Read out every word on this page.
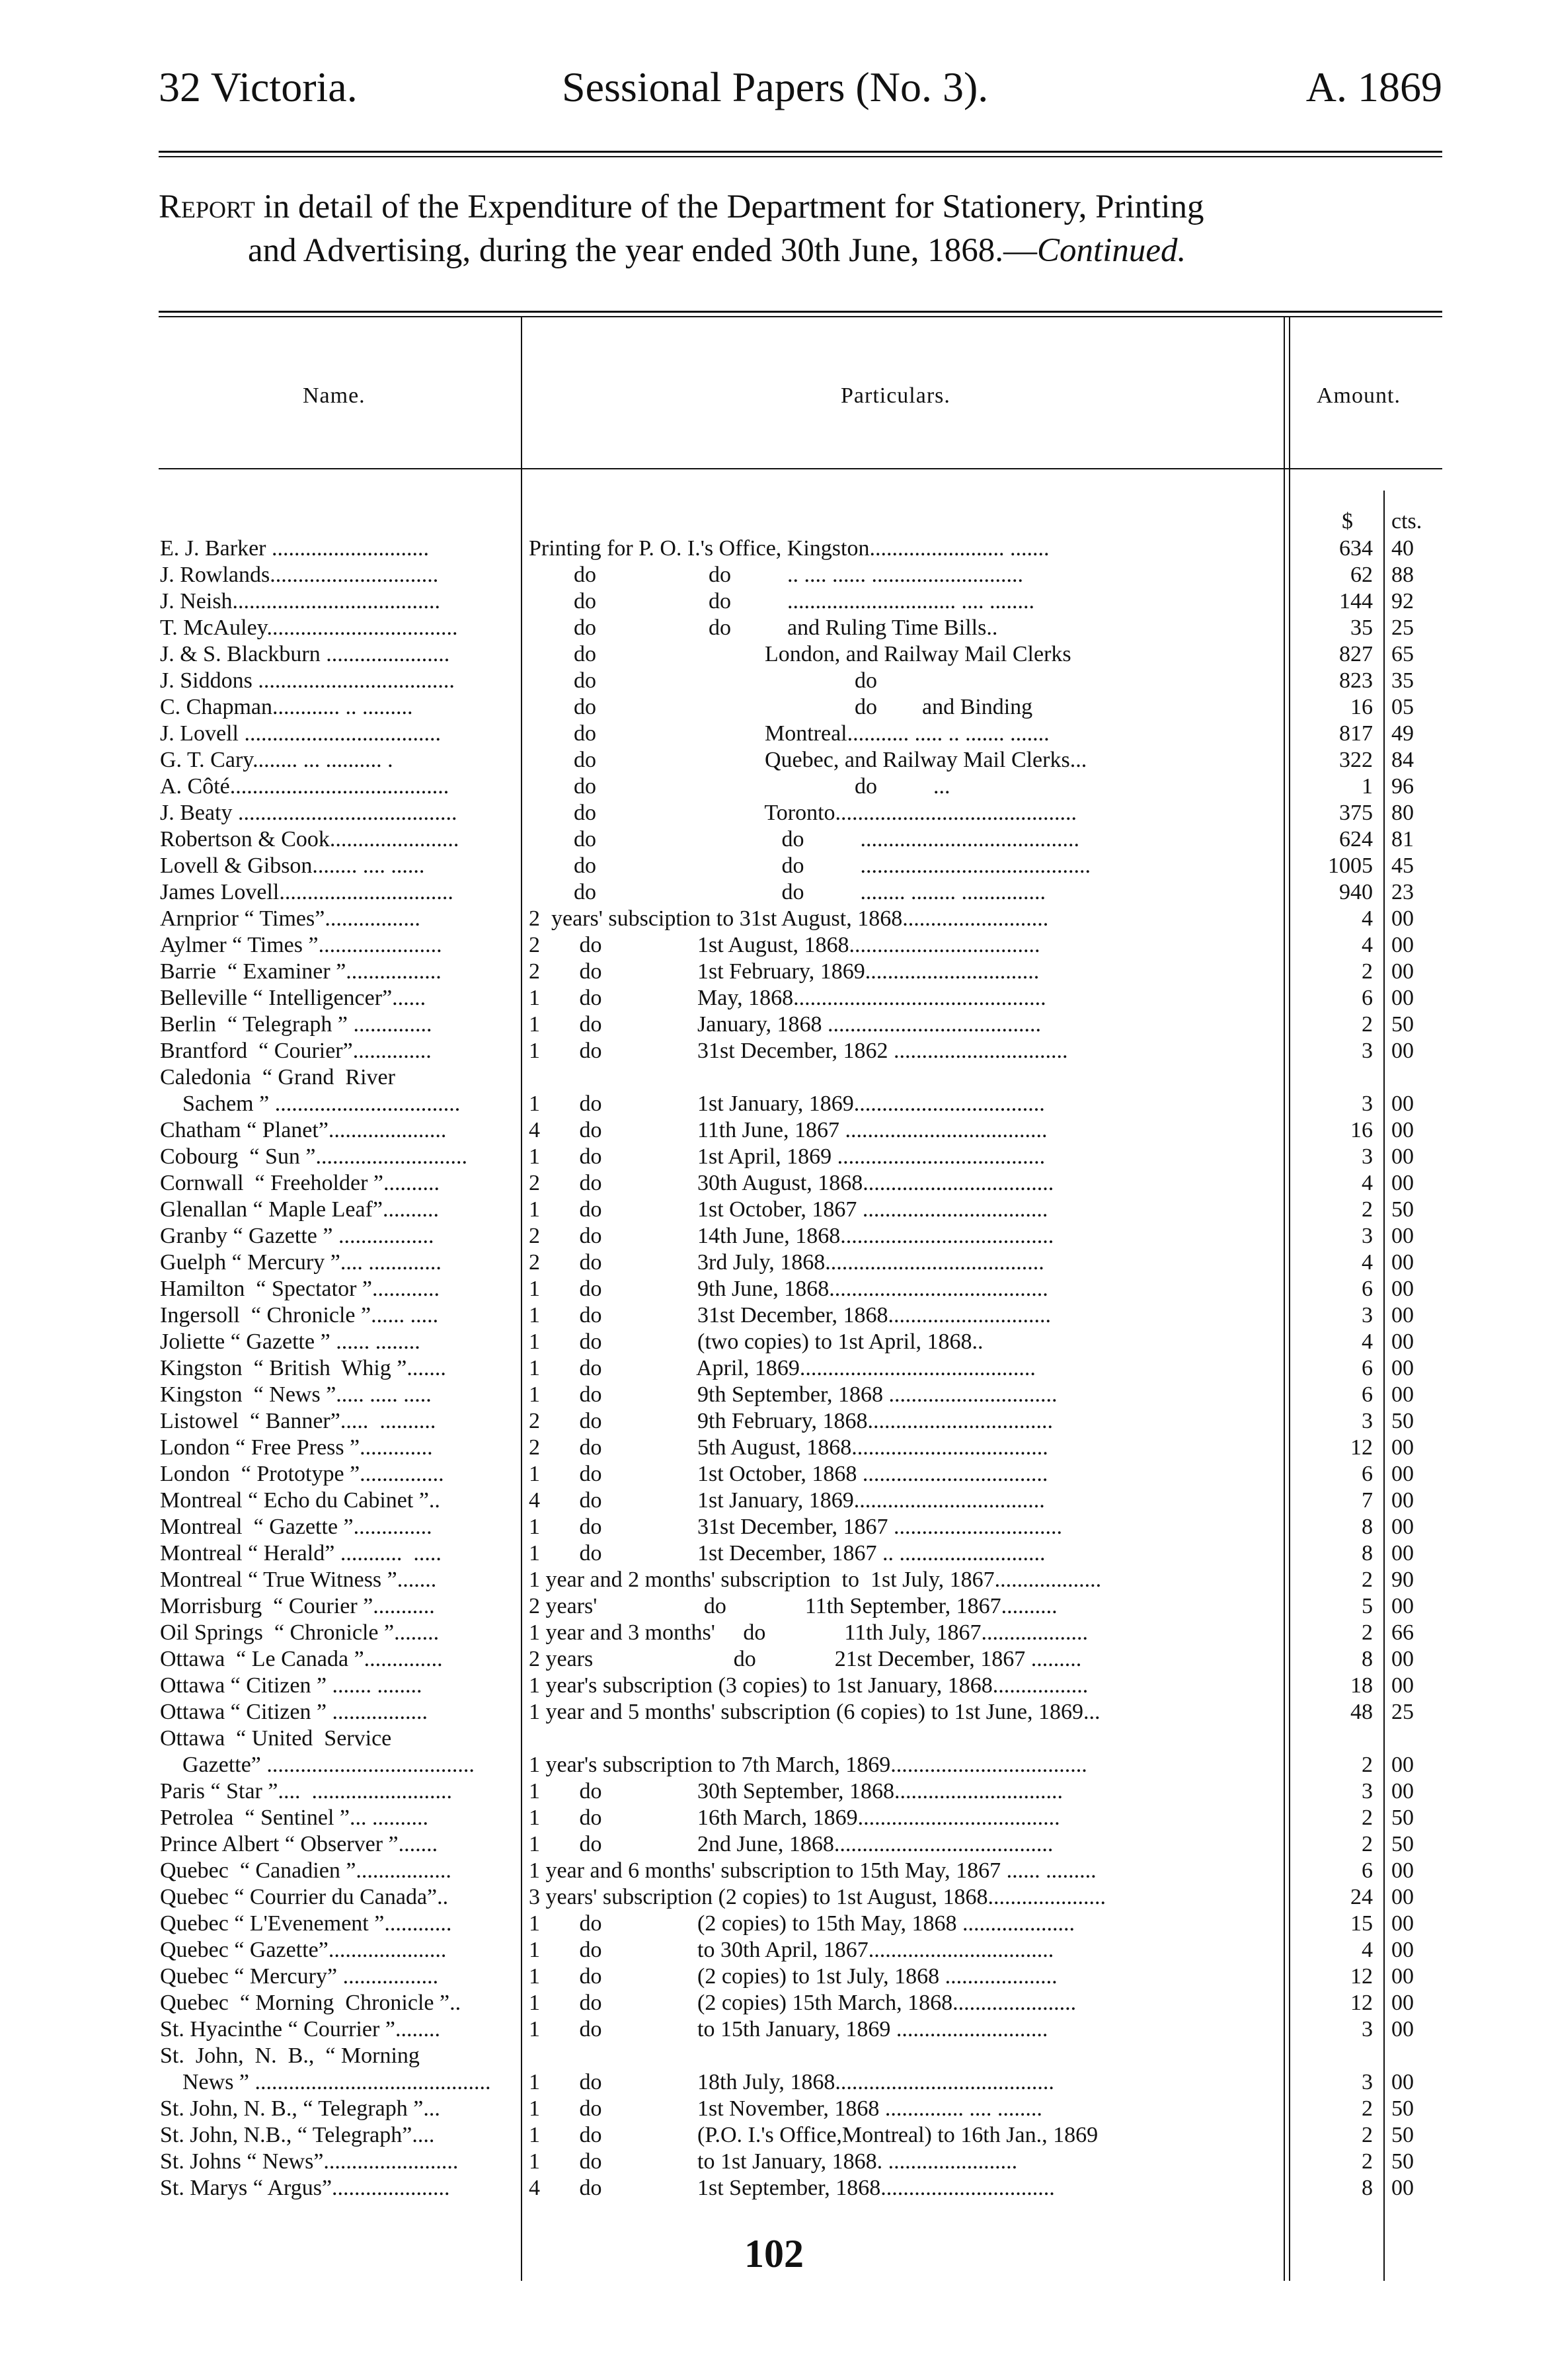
32 Victoria.	Sessional Papers (No. 3).	A. 1869
Report in detail of the Expenditure of the Department for Stationery, Printing
and Advertising, during the year ended 30th June, 1868.—Continued.
Name.	Particulars.	Amount.
$ cts.
E. J. Barker ............................	Printing for P. O. I.'s Office, Kingston........................ .......	634 40
J. Rowlands..............................	do                    do          .. .... ...... ...........................	62 88
J. Neish.....................................	do                    do          .............................. .... ........	144 92
T. McAuley..................................	do                    do          and Ruling Time Bills..	35 25
J. & S. Blackburn ......................	do                              London, and Railway Mail Clerks	827 65
J. Siddons ...................................	do                                              do	823 35
C. Chapman............ .. .........	do                                              do        and Binding	16 05
J. Lovell ...................................	do                              Montreal........... ..... .. ....... .......	817 49
G. T. Cary........ ... .......... .	do                              Quebec, and Railway Mail Clerks...	322 84
A. Côté.......................................	do                                              do          ...	1 96
J. Beaty .......................................	do                              Toronto...........................................	375 80
Robertson & Cook.......................	do                                 do          .......................................	624 81
Lovell & Gibson........ .... ......	do                                 do          .........................................	1005 45
James Lovell...............................	do                                 do          ........ ........ ...............	940 23
Arnprior “ Times”.................	2  years' subsciption to 31st August, 1868..........................	4 00
Aylmer “ Times ”......................	2       do                 1st August, 1868..................................	4 00
Barrie  “ Examiner ”.................	2       do                 1st February, 1869...............................	2 00
Belleville “ Intelligencer”......	1       do                 May, 1868.............................................	6 00
Berlin  “ Telegraph ” ..............	1       do                 January, 1868 ......................................	2 50
Brantford  “ Courier”..............	1       do                 31st December, 1862 ...............................	3 00
Caledonia  “ Grand  River
Sachem ” .................................	1       do                 1st January, 1869..................................	3 00
Chatham “ Planet”.....................	4       do                 11th June, 1867 ....................................	16 00
Cobourg  “ Sun ”...........................	1       do                 1st April, 1869 .....................................	3 00
Cornwall  “ Freeholder ”..........	2       do                 30th August, 1868..................................	4 00
Glenallan “ Maple Leaf”..........	1       do                 1st October, 1867 .................................	2 50
Granby “ Gazette ” .................	2       do                 14th June, 1868......................................	3 00
Guelph “ Mercury ”.... .............	2       do                 3rd July, 1868.......................................	4 00
Hamilton  “ Spectator ”............	1       do                 9th June, 1868.......................................	6 00
Ingersoll  “ Chronicle ”...... .....	1       do                 31st December, 1868.............................	3 00
Joliette “ Gazette ” ...... ........	1       do                 (two copies) to 1st April, 1868..	4 00
Kingston  “ British  Whig ”.......	1       do                 April, 1869..........................................	6 00
Kingston  “ News ”..... ..... .....	1       do                 9th September, 1868 ..............................	6 00
Listowel  “ Banner”.....  ..........	2       do                 9th February, 1868.................................	3 50
London “ Free Press ”.............	2       do                 5th August, 1868...................................	12 00
London  “ Prototype ”...............	1       do                 1st October, 1868 .................................	6 00
Montreal “ Echo du Cabinet ”..	4       do                 1st January, 1869..................................	7 00
Montreal  “ Gazette ”..............	1       do                 31st December, 1867 ..............................	8 00
Montreal “ Herald” ...........  .....	1       do                 1st December, 1867 .. ..........................	8 00
Montreal “ True Witness ”.......	1 year and 2 months' subscription  to  1st July, 1867...................	2 90
Morrisburg  “ Courier ”...........	2 years'                   do              11th September, 1867..........	5 00
Oil Springs  “ Chronicle ”........	1 year and 3 months'     do              11th July, 1867...................	2 66
Ottawa  “ Le Canada ”..............	2 years                         do              21st December, 1867 .........	8 00
Ottawa “ Citizen ” ....... ........	1 year's subscription (3 copies) to 1st January, 1868.................	18 00
Ottawa “ Citizen ” .................	1 year and 5 months' subscription (6 copies) to 1st June, 1869...	48 25
Ottawa  “ United  Service
Gazette” .....................................	1 year's subscription to 7th March, 1869...................................	2 00
Paris “ Star ”....  .........................	1       do                 30th September, 1868..............................	3 00
Petrolea  “ Sentinel ”... ..........	1       do                 16th March, 1869....................................	2 50
Prince Albert “ Observer ”.......	1       do                 2nd June, 1868.......................................	2 50
Quebec  “ Canadien ”.................	1 year and 6 months' subscription to 15th May, 1867 ...... .........	6 00
Quebec “ Courrier du Canada”..	3 years' subscription (2 copies) to 1st August, 1868.....................	24 00
Quebec “ L'Evenement ”............	1       do                 (2 copies) to 15th May, 1868 ....................	15 00
Quebec “ Gazette”.....................	1       do                 to 30th April, 1867.................................	4 00
Quebec “ Mercury” .................	1       do                 (2 copies) to 1st July, 1868 ....................	12 00
Quebec  “ Morning  Chronicle ”..	1       do                 (2 copies) 15th March, 1868......................	12 00
St. Hyacinthe “ Courrier ”........	1       do                 to 15th January, 1869 ...........................	3 00
St.  John,  N.  B.,  “ Morning
News ” ..........................................	1       do                 18th July, 1868.......................................	3 00
St. John, N. B., “ Telegraph ”...	1       do                 1st November, 1868 .............. .... ........	2 50
St. John, N.B., “ Telegraph”....	1       do                 (P.O. I.'s Office,Montreal) to 16th Jan., 1869	2 50
St. Johns “ News”........................	1       do                 to 1st January, 1868. .......................	2 50
St. Marys “ Argus”.....................	4       do                 1st September, 1868...............................	8 00
102
